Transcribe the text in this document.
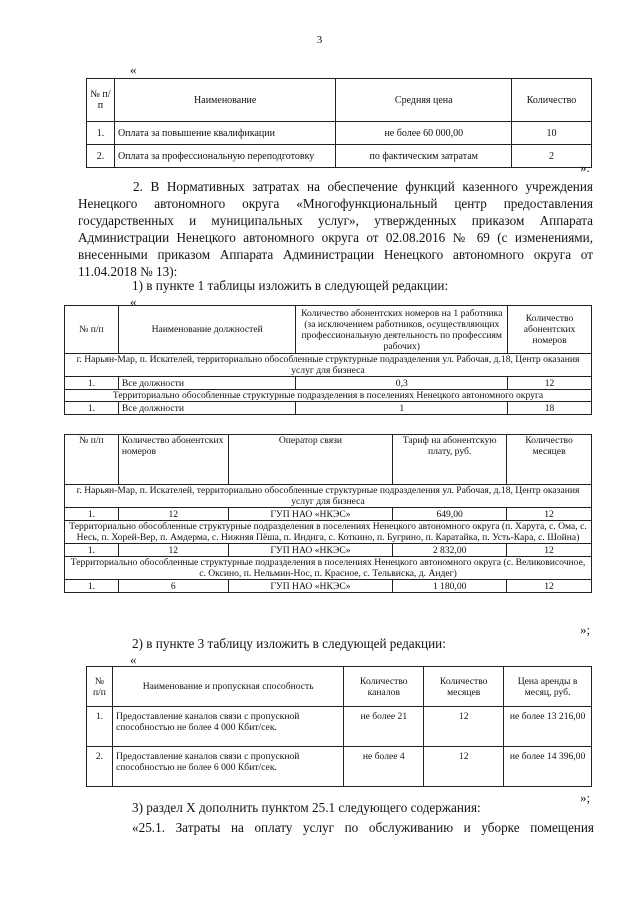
3
«
№ п/п	Наименование	Средняя цена	Количество
1.	Оплата за повышение квалификации	не более 60 000,00	10
2.	Оплата за профессиональную переподготовку	по фактическим затратам	2
».
2. В Нормативных затратах на обеспечение функций казенного учреждения Ненецкого автономного округа «Многофункциональный центр предоставления государственных и муниципальных услуг», утвержденных приказом Аппарата Администрации Ненецкого автономного округа от 02.08.2016 № 69 (с изменениями, внесенными приказом Аппарата Администрации Ненецкого автономного округа от 11.04.2018 № 13):
1) в пункте 1 таблицы изложить в следующей редакции:
«
№ п/п	Наименование должностей	Количество абонентских номеров на 1 работника (за исключением работников, осуществляющих профессиональную деятельность по профессиям рабочих)	Количество абонентских номеров
г. Нарьян-Мар, п. Искателей, территориально обособленные структурные подразделения ул. Рабочая, д.18, Центр оказания услуг для бизнеса			
1.	Все должности	0,3	12
Территориально обособленные структурные подразделения в поселениях Ненецкого автономного округа			
1.	Все должности	1	18
№ п/п	Количество абонентских номеров	Оператор связи	Тариф на абонентскую плату, руб.	Количество месяцев
г. Нарьян-Мар, п. Искателей, территориально обособленные структурные подразделения ул. Рабочая, д.18, Центр оказания услуг для бизнеса				
1.	12	ГУП НАО «НКЭС»	649,00	12
Территориально обособленные структурные подразделения в поселениях Ненецкого автономного округа (п. Харута, с. Ома, с. Несь, п. Хорей-Вер, п. Амдерма, с. Нижняя Пёша, п. Индига, с. Коткино, п. Бугрино, п. Каратайка, п. Усть-Кара, с. Шойна)				
1.	12	ГУП НАО «НКЭС»	2 832,00	12
Территориально обособленные структурные подразделения в поселениях Ненецкого автономного округа (с. Великовисочное, с. Оксино, п. Нельмин-Нос, п. Красное, с. Тельвиска, д. Андег)				
1.	6	ГУП НАО «НКЭС»	1 180,00	12
»;
2) в пункте 3 таблицу изложить в следующей редакции:
«
№ п/п	Наименование и пропускная способность	Количество каналов	Количество месяцев	Цена аренды в месяц, руб.
1.	Предоставление каналов связи с пропускной способностью не более 4 000 Кбит/сек.	не более 21	12	не более 13 216,00
2.	Предоставление каналов связи с пропускной способностью не более 6 000 Кбит/сек.	не более 4	12	не более 14 396,00
»;
3) раздел X дополнить пунктом 25.1 следующего содержания:
«25.1. Затраты на оплату услуг по обслуживанию и уборке помещения
